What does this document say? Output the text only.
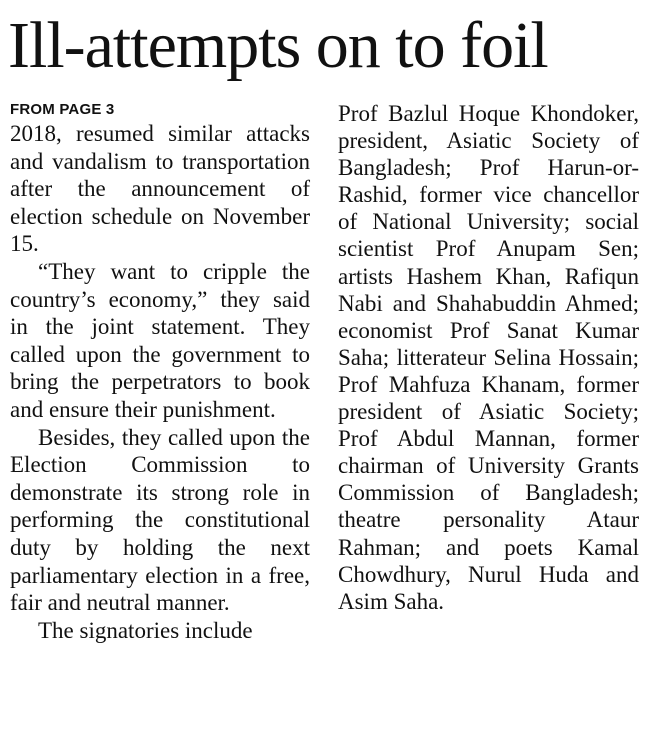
Ill-attempts on to foil

FROM PAGE 3

2018, resumed similar attacks and vandalism to transportation after the announcement of election schedule on November 15.

“They want to cripple the country’s economy,” they said in the joint statement. They called upon the government to bring the perpetrators to book and ensure their punishment.

Besides, they called upon the Election Commission to demonstrate its strong role in performing the constitutional duty by holding the next parliamentary election in a free, fair and neutral manner.

The signatories include

Prof Bazlul Hoque Khondoker, president, Asiatic Society of Bangladesh; Prof Harun-or-Rashid, former vice chancellor of National University; social scientist Prof Anupam Sen; artists Hashem Khan, Rafiqun Nabi and Shahabuddin Ahmed; economist Prof Sanat Kumar Saha; litterateur Selina Hossain; Prof Mahfuza Khanam, former president of Asiatic Society; Prof Abdul Mannan, former chairman of University Grants Commission of Bangladesh; theatre personality Ataur Rahman; and poets Kamal Chowdhury, Nurul Huda and Asim Saha.
